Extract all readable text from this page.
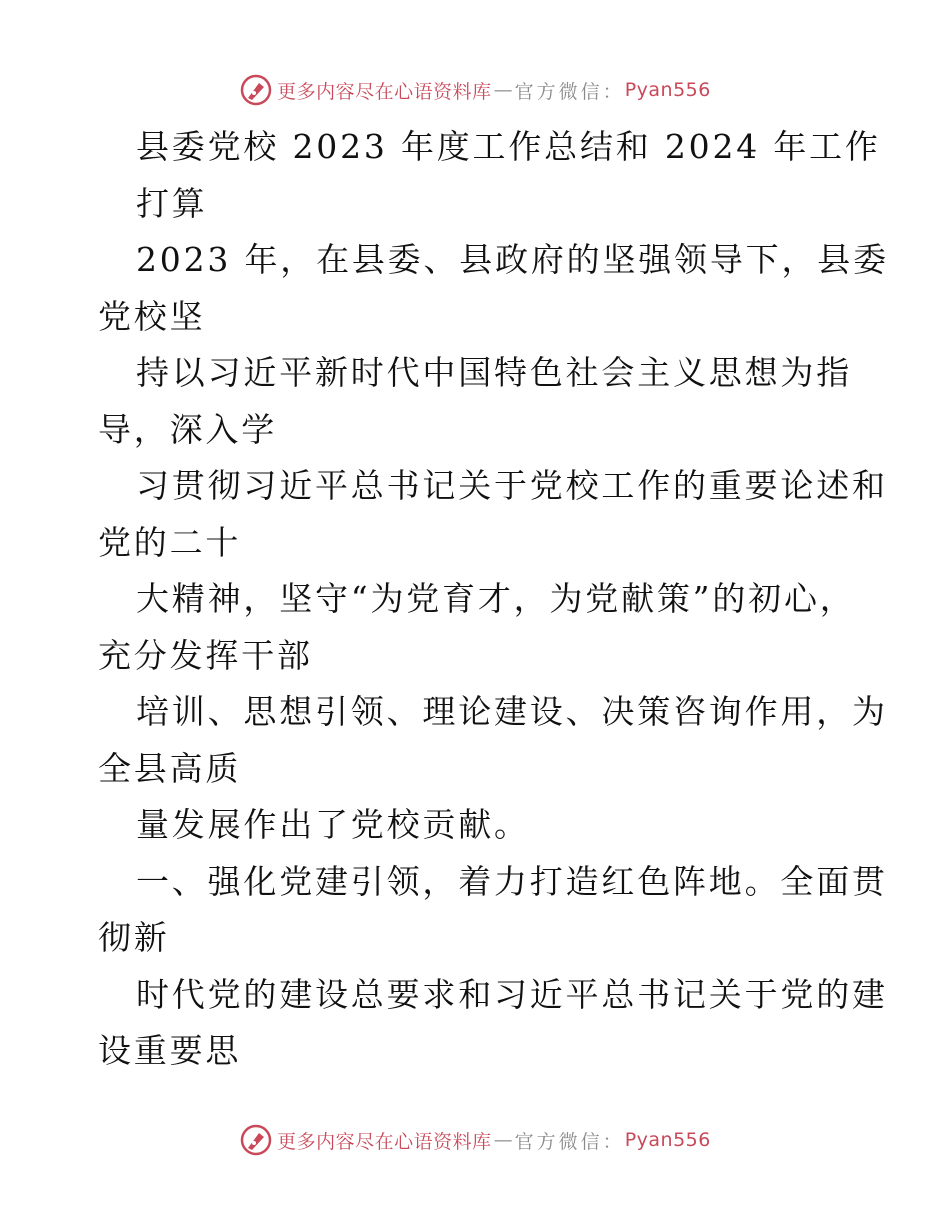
更多内容尽在心语资料库 — 官方微信： Pyan556
县委党校 2023 年度工作总结和 2024 年工作
打算
2023 年，在县委、县政府的坚强领导下，县委
党校坚
持以习近平新时代中国特色社会主义思想为指
导，深入学
习贯彻习近平总书记关于党校工作的重要论述和
党的二十
大精神，坚守“为党育才，为党献策”的初心，
充分发挥干部
培训、思想引领、理论建设、决策咨询作用，为
全县高质
量发展作出了党校贡献。
一、强化党建引领，着力打造红色阵地。全面贯
彻新
时代党的建设总要求和习近平总书记关于党的建
设重要思
更多内容尽在心语资料库 — 官方微信： Pyan556
